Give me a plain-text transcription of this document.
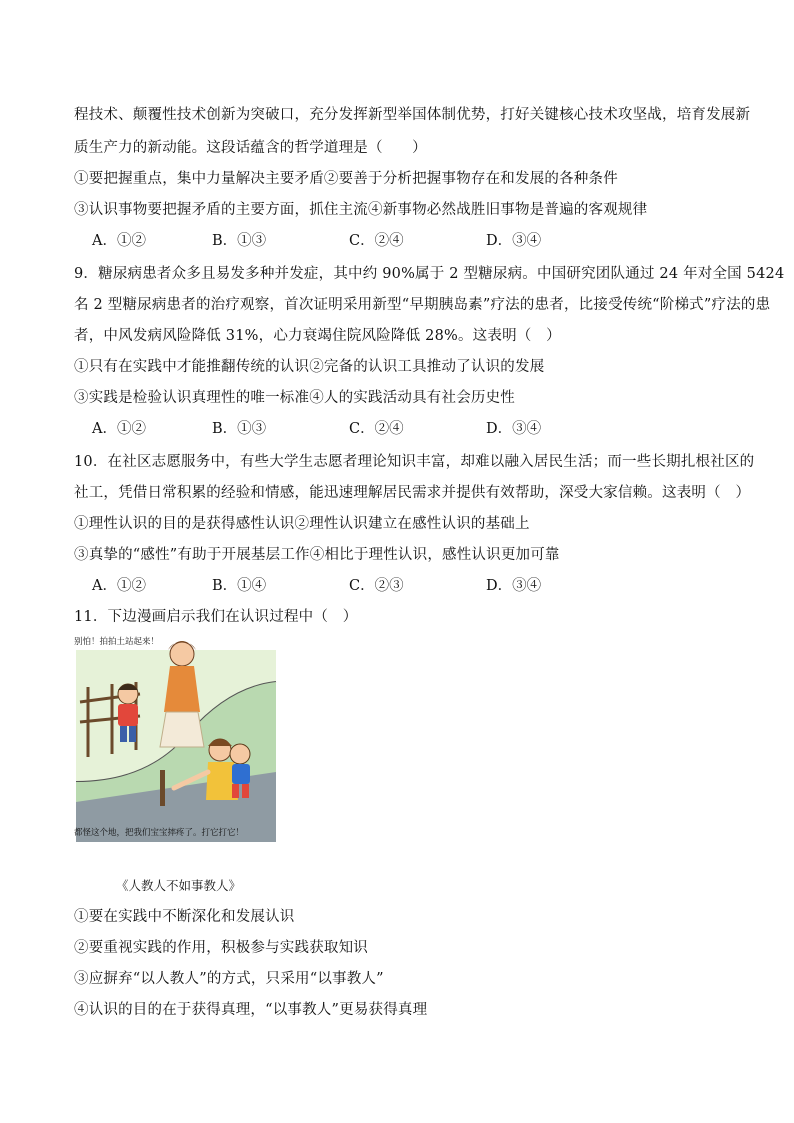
程技术、颠覆性技术创新为突破口，充分发挥新型举国体制优势，打好关键核心技术攻坚战，培育发展新
质生产力的新动能。这段话蕴含的哲学道理是（　　）
①要把握重点，集中力量解决主要矛盾②要善于分析把握事物存在和发展的各种条件
③认识事物要把握矛盾的主要方面，抓住主流④新事物必然战胜旧事物是普遍的客观规律
A．①②	B．①③	C．②④	D．③④
9．糖尿病患者众多且易发多种并发症，其中约 90%属于 2 型糖尿病。中国研究团队通过 24 年对全国 5424
名 2 型糖尿病患者的治疗观察，首次证明采用新型“早期胰岛素”疗法的患者，比接受传统“阶梯式”疗法的患
者，中风发病风险降低 31%，心力衰竭住院风险降低 28%。这表明（　）
①只有在实践中才能推翻传统的认识②完备的认识工具推动了认识的发展
③实践是检验认识真理性的唯一标准④人的实践活动具有社会历史性
A．①②	B．①③	C．②④	D．③④
10．在社区志愿服务中，有些大学生志愿者理论知识丰富，却难以融入居民生活；而一些长期扎根社区的
社工，凭借日常积累的经验和情感，能迅速理解居民需求并提供有效帮助，深受大家信赖。这表明（　）
①理性认识的目的是获得感性认识②理性认识建立在感性认识的基础上
③真挚的“感性”有助于开展基层工作④相比于理性认识，感性认识更加可靠
A．①②	B．①④	C．②③	D．③④
11．下边漫画启示我们在认识过程中（　）
别怕！拍拍土站起来！
都怪这个地，把我们宝宝摔疼了。打它打它！
《人教人不如事教人》
①要在实践中不断深化和发展认识
②要重视实践的作用，积极参与实践获取知识
③应摒弃“以人教人”的方式，只采用“以事教人”
④认识的目的在于获得真理，“以事教人”更易获得真理
